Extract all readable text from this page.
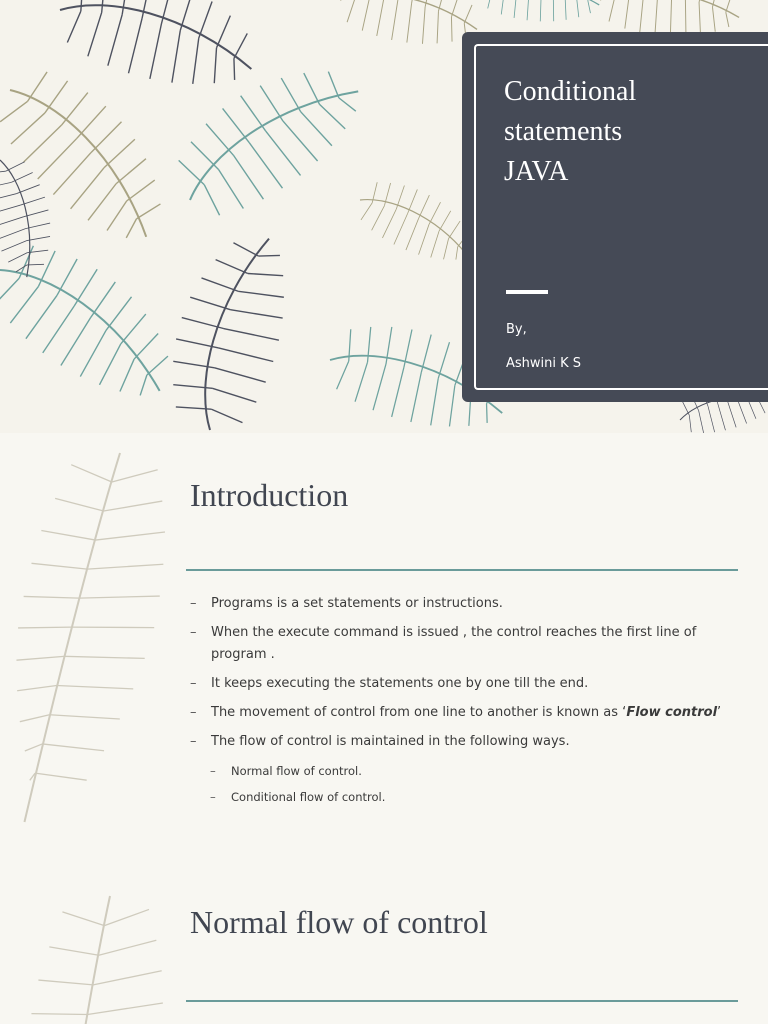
Conditional
statements
JAVA
By,
Ashwini K S
Introduction
– Programs is a set statements or instructions.
– When the execute command is issued , the control reaches the first line of program .
– It keeps executing the statements one by one till the end.
– The movement of control from one line to another is known as ‘Flow control’
– The flow of control is maintained in the following ways.
– Normal flow of control.
– Conditional flow of control.
Normal flow of control
